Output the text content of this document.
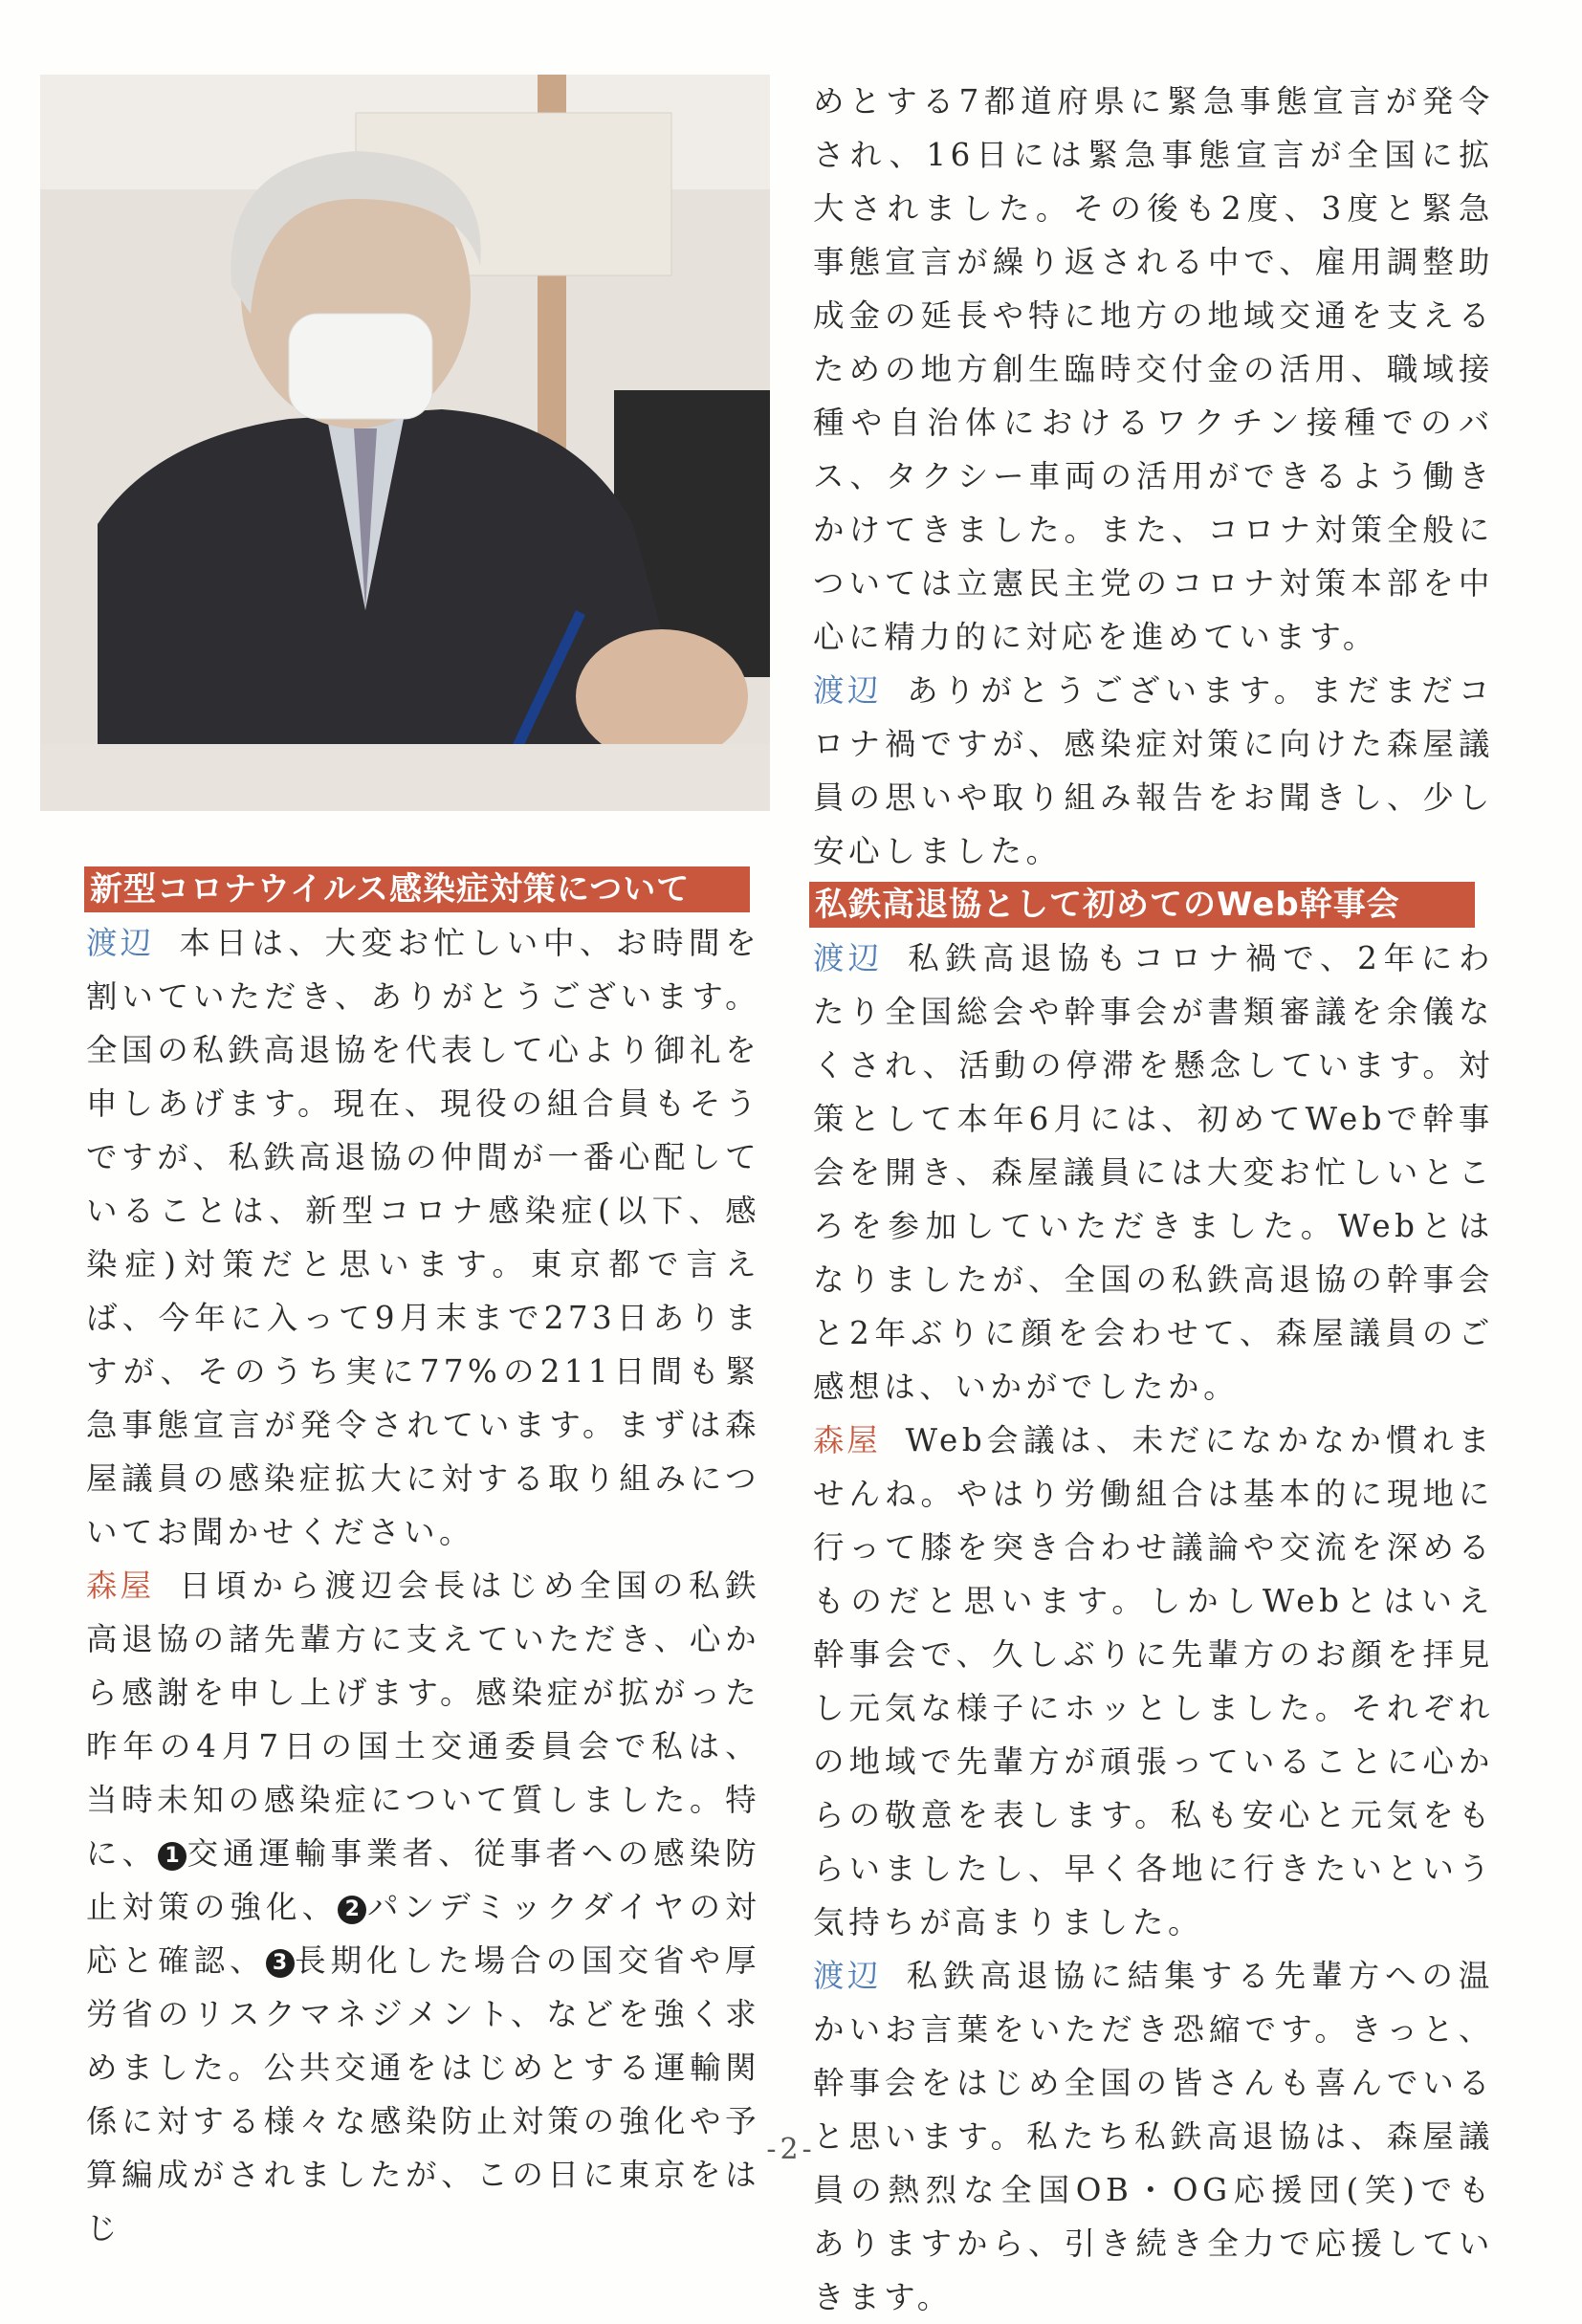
新型コロナウイルス感染症対策について

渡辺 本日は、大変お忙しい中、お時間を割いていただき、ありがとうございます。全国の私鉄高退協を代表して心より御礼を申しあげます。現在、現役の組合員もそうですが、私鉄高退協の仲間が一番心配していることは、新型コロナ感染症(以下、感染症)対策だと思います。東京都で言えば、今年に入って9月末まで273日ありますが、そのうち実に77%の211日間も緊急事態宣言が発令されています。まずは森屋議員の感染症拡大に対する取り組みについてお聞かせください。

森屋 日頃から渡辺会長はじめ全国の私鉄高退協の諸先輩方に支えていただき、心から感謝を申し上げます。感染症が拡がった昨年の4月7日の国土交通委員会で私は、当時未知の感染症について質しました。特に、 1 交通運輸事業者、従事者への感染防止対策の強化、 2 パンデミックダイヤの対応と確認、 3 長期化した場合の国交省や厚労省のリスクマネジメント、などを強く求めました。公共交通をはじめとする運輸関係に対する様々な感染防止対策の強化や予算編成がされましたが、この日に東京をはじ

めとする7都道府県に緊急事態宣言が発令され、16日には緊急事態宣言が全国に拡大されました。その後も2度、3度と緊急事態宣言が繰り返される中で、雇用調整助成金の延長や特に地方の地域交通を支えるための地方創生臨時交付金の活用、職域接種や自治体におけるワクチン接種でのバス、タクシー車両の活用ができるよう働きかけてきました。また、コロナ対策全般については立憲民主党のコロナ対策本部を中心に精力的に対応を進めています。

渡辺 ありがとうございます。まだまだコロナ禍ですが、感染症対策に向けた森屋議員の思いや取り組み報告をお聞きし、少し安心しました。

私鉄高退協として初めてのWeb幹事会

渡辺 私鉄高退協もコロナ禍で、2年にわたり全国総会や幹事会が書類審議を余儀なくされ、活動の停滞を懸念しています。対策として本年6月には、初めてWebで幹事会を開き、森屋議員には大変お忙しいところを参加していただきました。Webとはなりましたが、全国の私鉄高退協の幹事会と2年ぶりに顔を会わせて、森屋議員のご感想は、いかがでしたか。

森屋 Web会議は、未だになかなか慣れませんね。やはり労働組合は基本的に現地に行って膝を突き合わせ議論や交流を深めるものだと思います。しかしWebとはいえ幹事会で、久しぶりに先輩方のお顔を拝見し元気な様子にホッとしました。それぞれの地域で先輩方が頑張っていることに心からの敬意を表します。私も安心と元気をもらいましたし、早く各地に行きたいという気持ちが高まりました。

渡辺 私鉄高退協に結集する先輩方への温かいお言葉をいただき恐縮です。きっと、幹事会をはじめ全国の皆さんも喜んでいると思います。私たち私鉄高退協は、森屋議員の熱烈な全国OB・OG応援団(笑)でもありますから、引き続き全力で応援していきます。

-2-
